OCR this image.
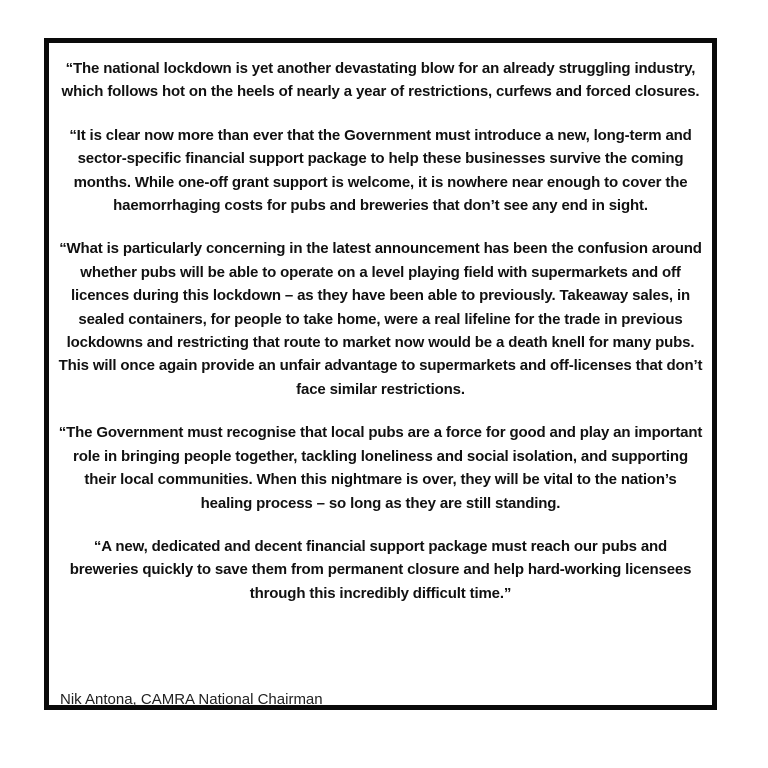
“The national lockdown is yet another devastating blow for an already struggling industry, which follows hot on the heels of nearly a year of restrictions, curfews and forced closures.

“It is clear now more than ever that the Government must introduce a new, long-term and sector-specific financial support package to help these businesses survive the coming months. While one-off grant support is welcome, it is nowhere near enough to cover the haemorrhaging costs for pubs and breweries that don’t see any end in sight.

“What is particularly concerning in the latest announcement has been the confusion around whether pubs will be able to operate on a level playing field with supermarkets and off licences during this lockdown – as they have been able to previously. Takeaway sales, in sealed containers, for people to take home, were a real lifeline for the trade in previous lockdowns and restricting that route to market now would be a death knell for many pubs. This will once again provide an unfair advantage to supermarkets and off-licenses that don’t face similar restrictions.

“The Government must recognise that local pubs are a force for good and play an important role in bringing people together, tackling loneliness and social isolation, and supporting their local communities. When this nightmare is over, they will be vital to the nation’s healing process – so long as they are still standing.

“A new, dedicated and decent financial support package must reach our pubs and breweries quickly to save them from permanent closure and help hard-working licensees through this incredibly difficult time.”

Nik Antona, CAMRA National Chairman
